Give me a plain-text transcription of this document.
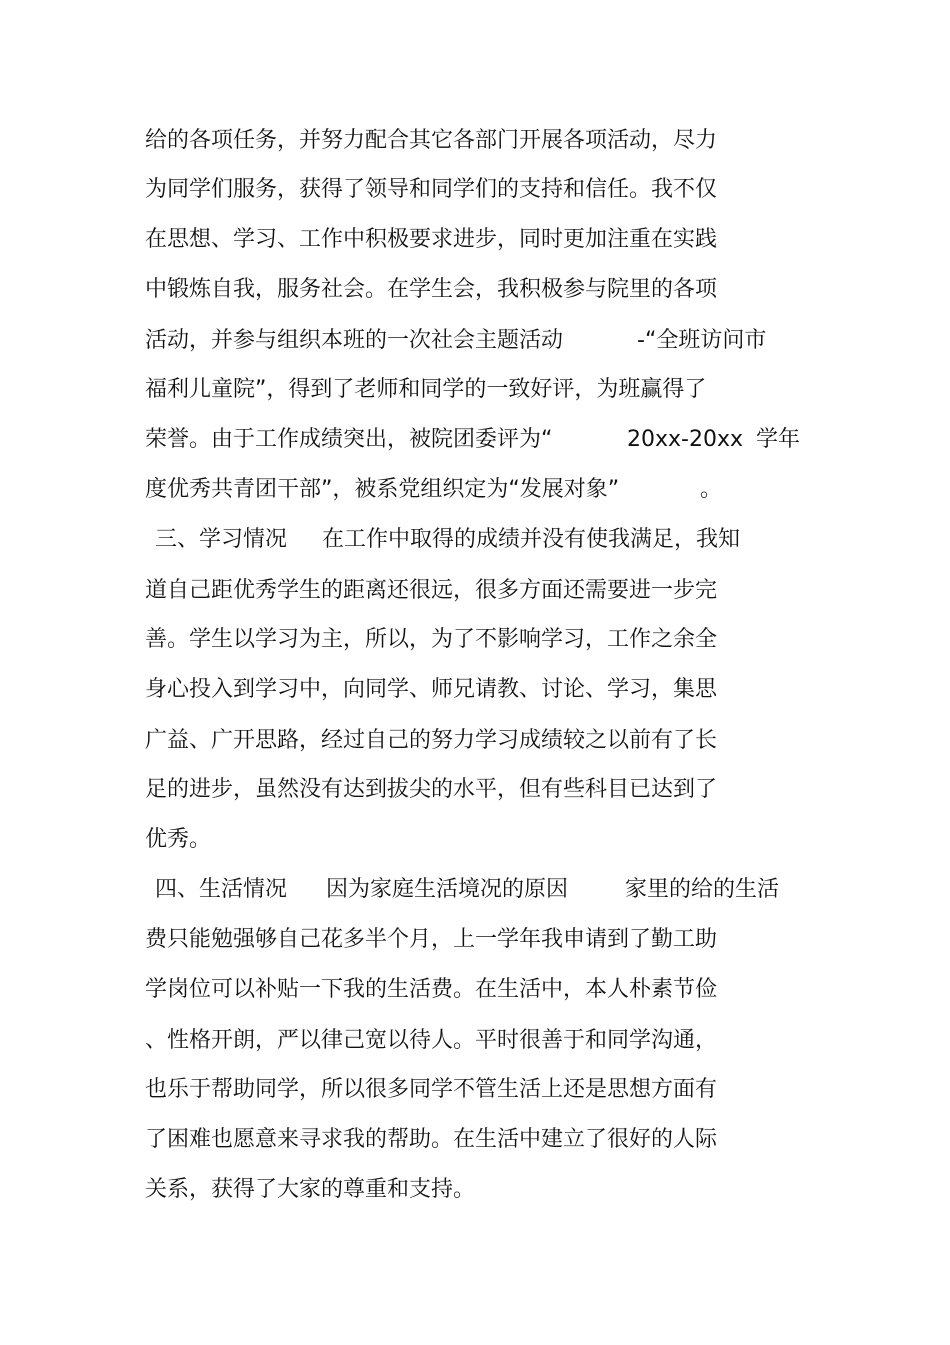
给的各项任务，并努力配合其它各部门开展各项活动，尽力
为同学们服务，获得了领导和同学们的支持和信任。我不仅
在思想、学习、工作中积极要求进步，同时更加注重在实践
中锻炼自我，服务社会。在学生会，我积极参与院里的各项

活动，并参与组织本班的一次社会主题活动

	-“全班访问市

福利儿童院”，得到了老师和同学的一致好评，为班赢得了

荣誉。由于工作成绩突出，被院团委评为“

	20xx-20xx

学年

度优秀共青团干部”，被系党组织定为“发展对象”

	。

三、学习情况

在工作中取得的成绩并没有使我满足，我知

道自己距优秀学生的距离还很远，很多方面还需要进一步完
善。学生以学习为主，所以，为了不影响学习，工作之余全
身心投入到学习中，向同学、师兄请教、讨论、学习，集思
广益、广开思路，经过自己的努力学习成绩较之以前有了长
足的进步，虽然没有达到拔尖的水平，但有些科目已达到了
优秀。

四、生活情况

因为家庭生活境况的原因

	家里的给的生活

费只能勉强够自己花多半个月，上一学年我申请到了勤工助
学岗位可以补贴一下我的生活费。在生活中，本人朴素节俭
、性格开朗，严以律己宽以待人。平时很善于和同学沟通，
也乐于帮助同学，所以很多同学不管生活上还是思想方面有
了困难也愿意来寻求我的帮助。在生活中建立了很好的人际
关系，获得了大家的尊重和支持。
